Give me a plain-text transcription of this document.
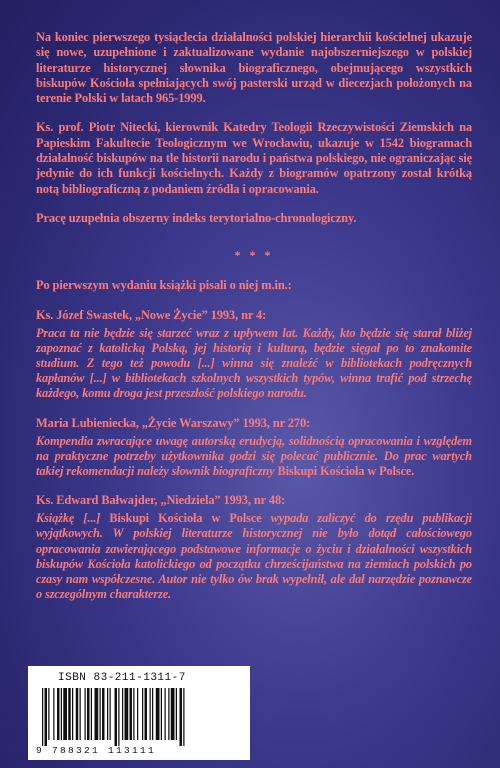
Na koniec pierwszego tysiąclecia działalności polskiej hierarchii kościelnej ukazuje się nowe, uzupełnione i zaktualizowane wydanie najobszerniejszego w polskiej literaturze historycznej słownika biograficznego, obejmującego wszystkich biskupów Kościoła spełniających swój pasterski urząd w diecezjach położonych na terenie Polski w latach 965-1999.

Ks. prof. Piotr Nitecki, kierownik Katedry Teologii Rzeczywistości Ziemskich na Papieskim Fakultecie Teologicznym we Wrocławiu, ukazuje w 1542 biogramach działalność biskupów na tle historii narodu i państwa polskiego, nie ograniczając się jedynie do ich funkcji kościelnych. Każdy z biogramów opatrzony został krótką notą bibliograficzną z podaniem źródła i opracowania.

Pracę uzupełnia obszerny indeks terytorialno-chronologiczny.

* * *

Po pierwszym wydaniu książki pisali o niej m.in.:

Ks. Józef Swastek, „Nowe Życie” 1993, nr 4:

Praca ta nie będzie się starzeć wraz z upływem lat. Każdy, kto będzie się starał bliżej zapoznać z katolicką Polską, jej historią i kulturą, będzie sięgał po to znakomite studium. Z tego też powodu [...] winna się znaleźć w bibliotekach podręcznych kapłanów [...] w bibliotekach szkolnych wszystkich typów, winna trafić pod strzechę każdego, komu droga jest przeszłość polskiego narodu.

Maria Lubieniecka, „Życie Warszawy” 1993, nr 270:

Kompendia zwracające uwagę autorską erudycją, solidnością opracowania i względem na praktyczne potrzeby użytkownika godzi się polecać publicznie. Do prac wartych takiej rekomendacji należy słownik biograficzny Biskupi Kościoła w Polsce.

Ks. Edward Bałwajder, „Niedziela” 1993, nr 48:

Książkę [...] Biskupi Kościoła w Polsce wypada zaliczyć do rzędu publikacji wyjątkowych. W polskiej literaturze historycznej nie było dotąd całościowego opracowania zawierającego podstawowe informacje o życiu i działalności wszystkich biskupów Kościoła katolickiego od początku chrześcijaństwa na ziemiach polskich po czasy nam współczesne. Autor nie tylko ów brak wypełnił, ale dał narzędzie poznawcze o szczególnym charakterze.

ISBN 83-211-1311-7
9 788321 113111
